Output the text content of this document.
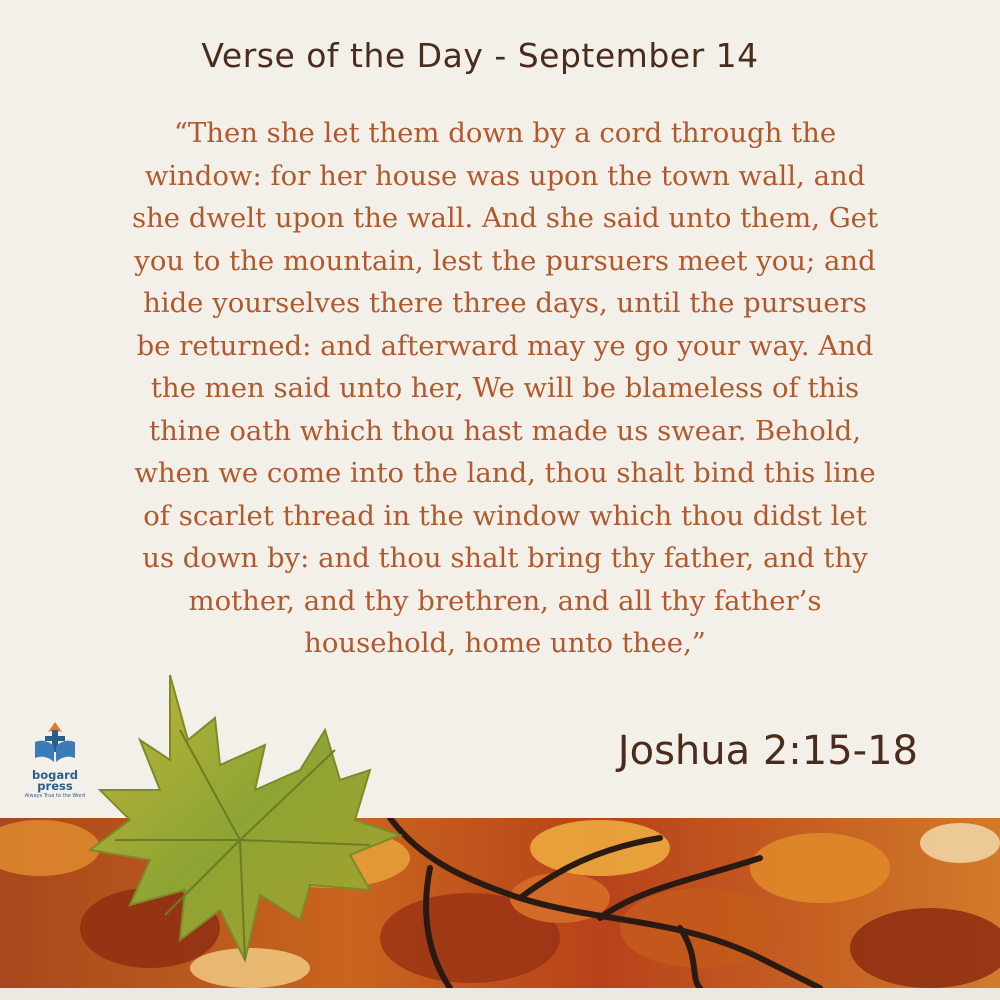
Verse of the Day - September 14
“Then she let them down by a cord through the
window: for her house was upon the town wall, and
she dwelt upon the wall. And she said unto them, Get
you to the mountain, lest the pursuers meet you; and
hide yourselves there three days, until the pursuers
be returned: and afterward may ye go your way. And
the men said unto her, We will be blameless of this
thine oath which thou hast made us swear. Behold,
when we come into the land, thou shalt bind this line
of scarlet thread in the window which thou didst let
us down by: and thou shalt bring thy father, and thy
mother, and thy brethren, and all thy father’s
household, home unto thee,”
bogard
press
Always True to the Word
Joshua 2:15-18
